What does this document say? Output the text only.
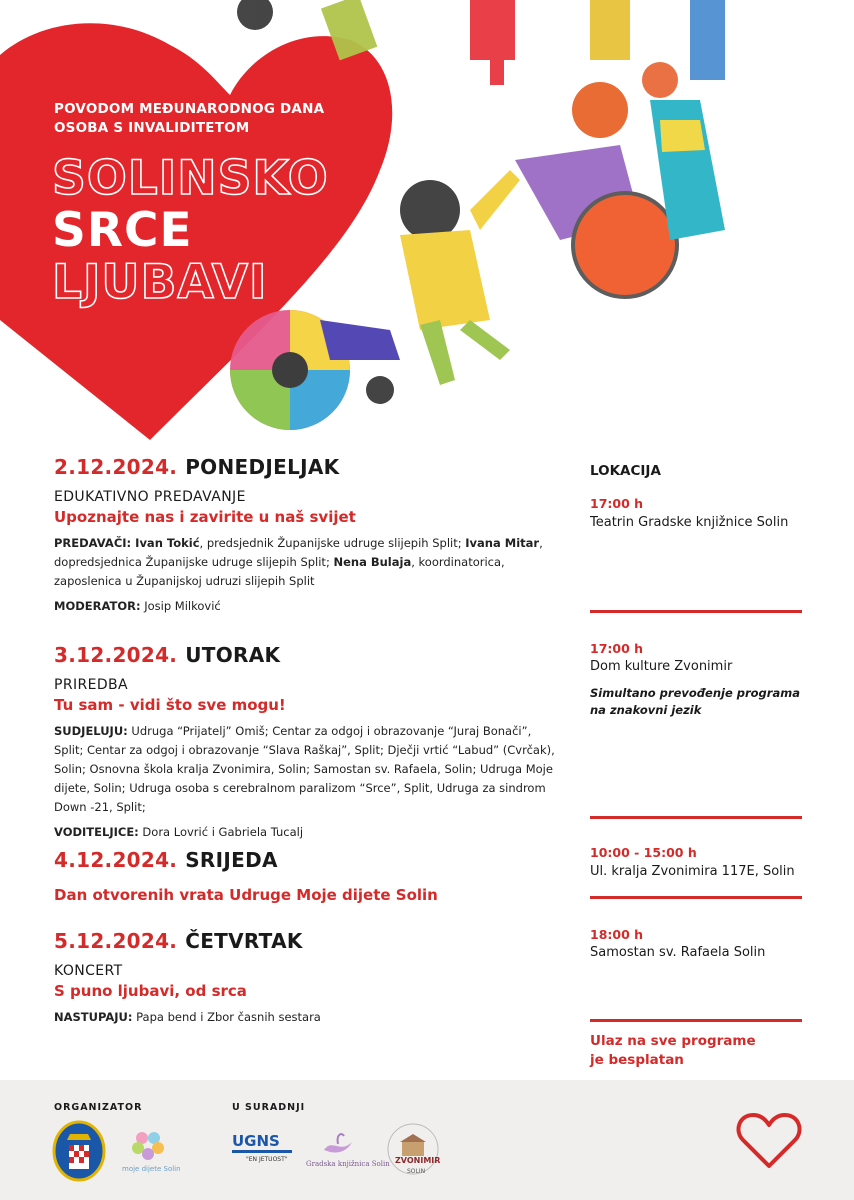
POVODOM MEĐUNARODNOG DANA
OSOBA S INVALIDITETOM
SOLINSKO
SRCE
LJUBAVI
2.12.2024. PONEDJELJAK
EDUKATIVNO PREDAVANJE
Upoznajte nas i zavirite u naš svijet
PREDAVAČI: Ivan Tokić, predsjednik Županijske udruge slijepih Split; Ivana Mitar, dopredsjednica Županijske udruge slijepih Split; Nena Bulaja, koordinatorica, zaposlenica u Županijskoj udruzi slijepih Split
MODERATOR: Josip Milković
3.12.2024. UTORAK
PRIREDBA
Tu sam - vidi što sve mogu!
SUDJELUJU: Udruga “Prijatelj” Omiš; Centar za odgoj i obrazovanje “Juraj Bonači”, Split; Centar za odgoj i obrazovanje “Slava Raškaj”, Split; Dječji vrtić “Labud” (Cvrčak), Solin; Osnovna škola kralja Zvonimira, Solin; Samostan sv. Rafaela, Solin; Udruga Moje dijete, Solin; Udruga osoba s cerebralnom paralizom “Srce”, Split, Udruga za sindrom Down -21, Split;
VODITELJICE: Dora Lovrić i Gabriela Tucalj
4.12.2024. SRIJEDA
Dan otvorenih vrata Udruge Moje dijete Solin
5.12.2024. ČETVRTAK
KONCERT
S puno ljubavi, od srca
NASTUPAJU: Papa bend i Zbor časnih sestara
LOKACIJA
17:00 h
Teatrin Gradske knjižnice Solin
17:00 h
Dom kulture Zvonimir
Simultano prevođenje programa na znakovni jezik
10:00 - 15:00 h
Ul. kralja Zvonimira 117E, Solin
18:00 h
Samostan sv. Rafaela Solin
Ulaz na sve programe
je besplatan
ORGANIZATOR	U SURADNJI
moje dijete Solin
UGNS
"EN JETUOST"
Gradska knjižnica Solin ZVONIMIR
SOLIN
